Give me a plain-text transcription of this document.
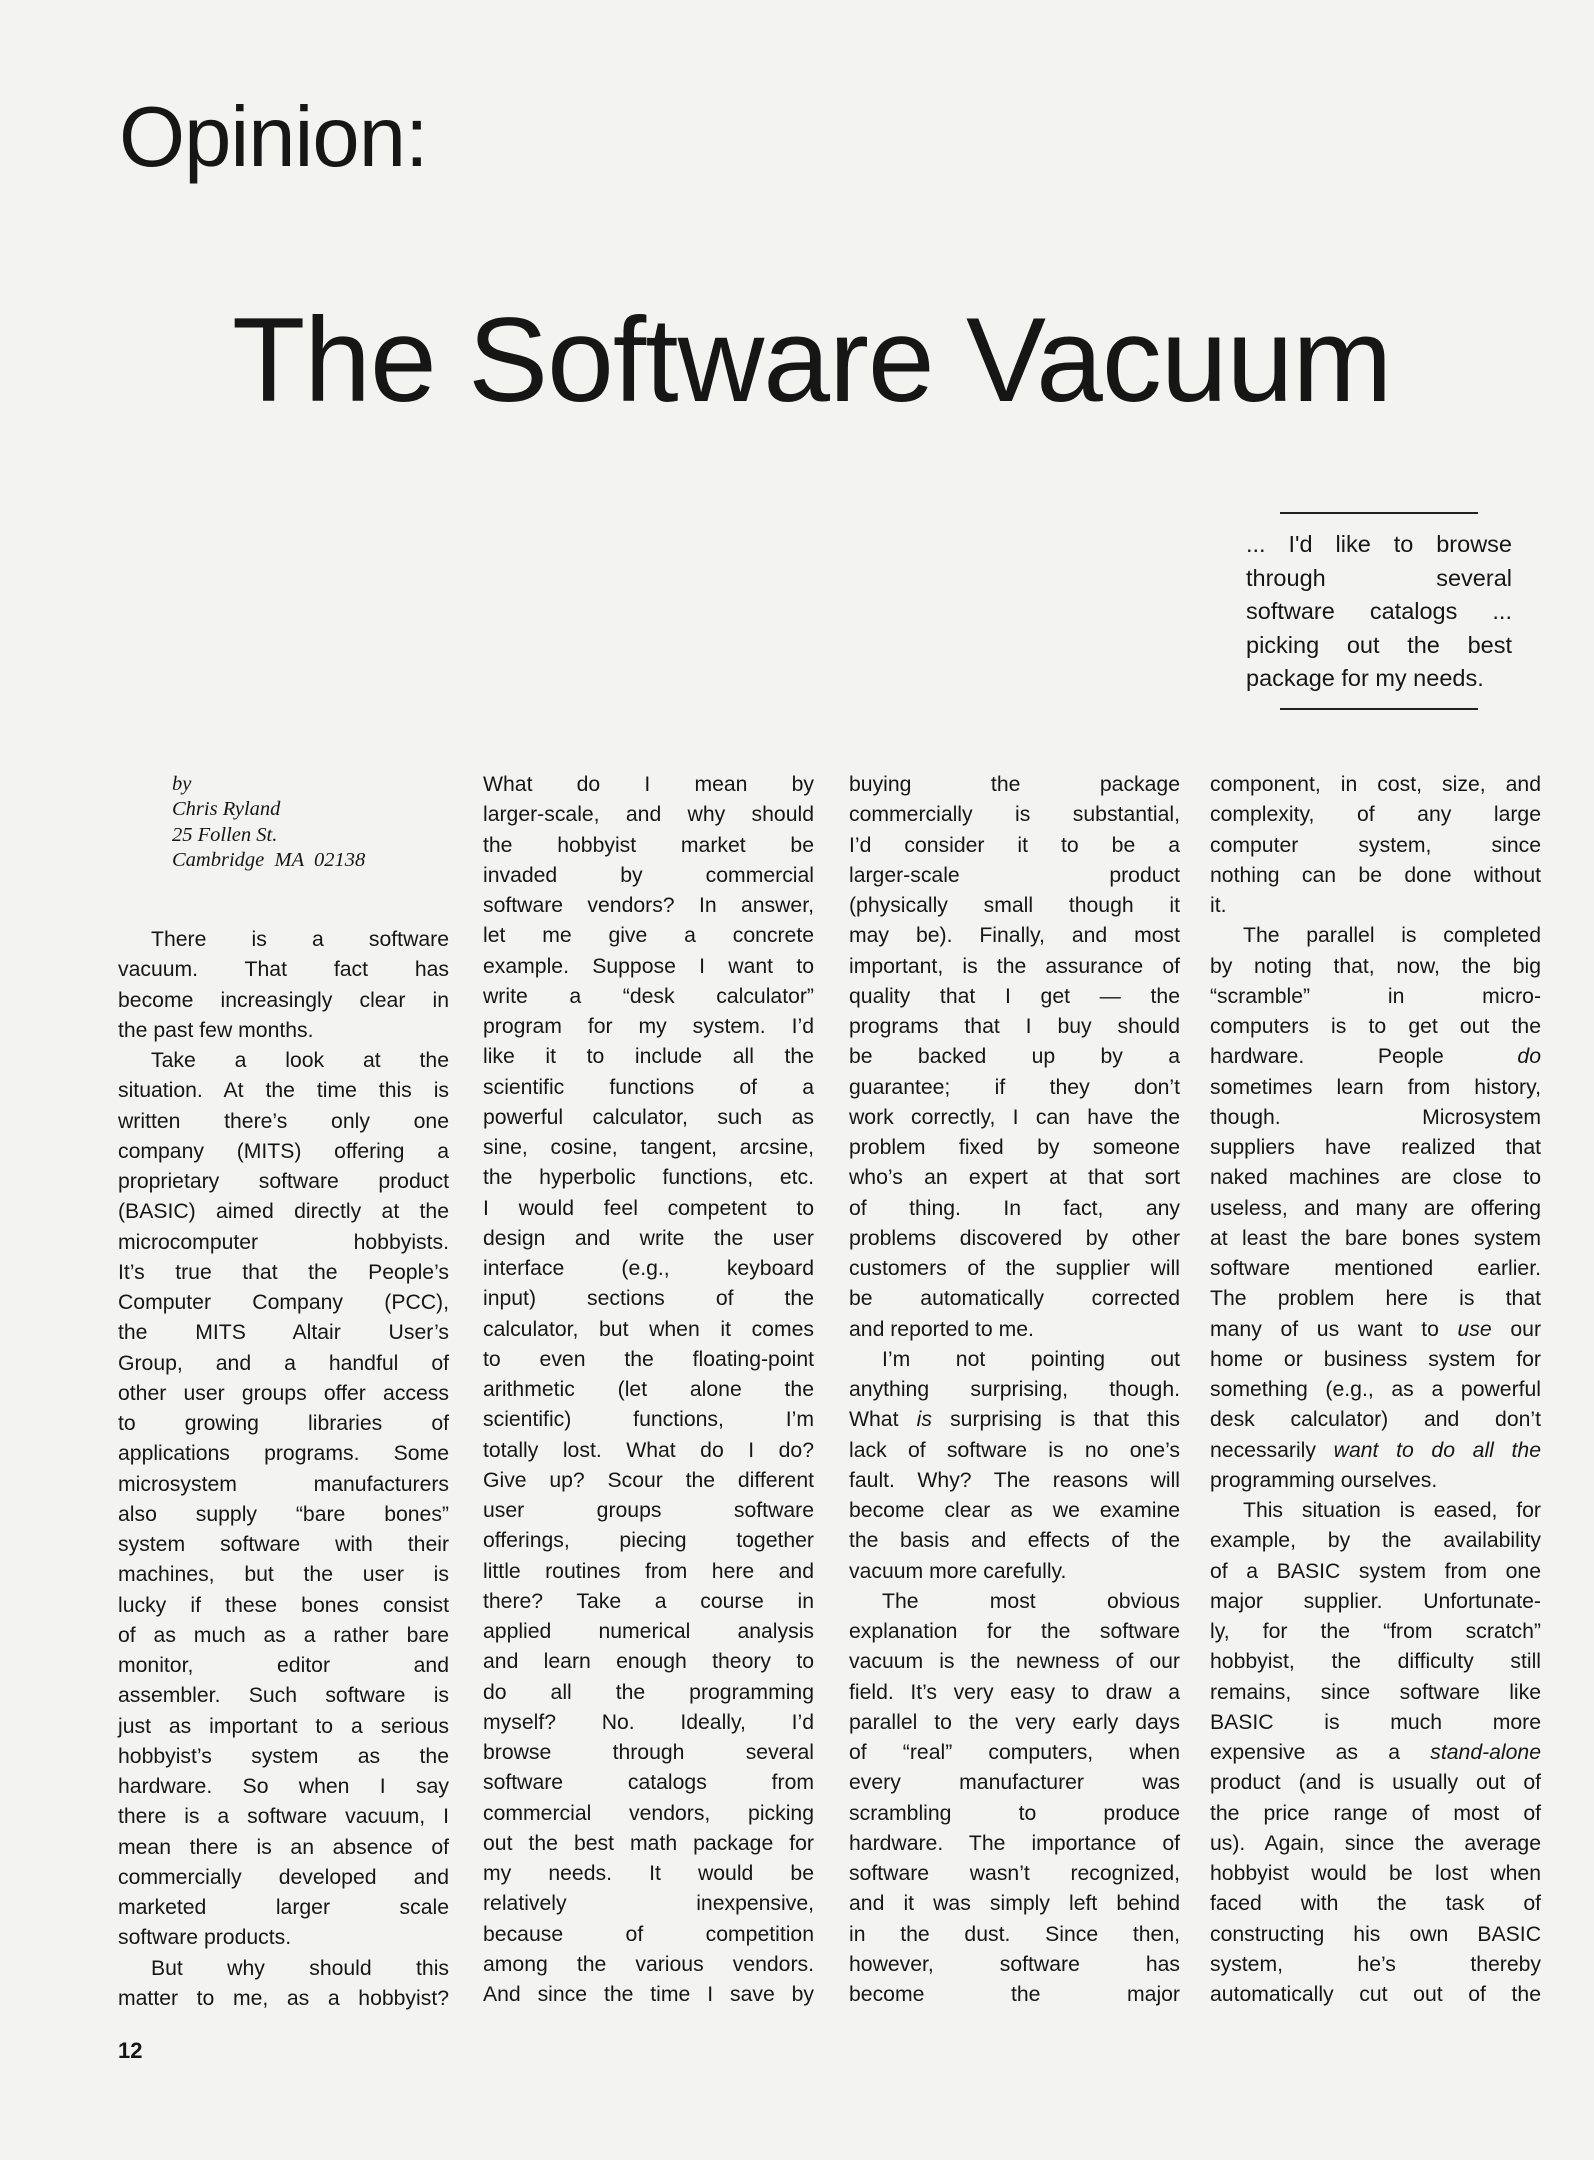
Opinion:
The Software Vacuum
... I'd like to browse
through several
software catalogs ...
picking out the best
package for my needs.
by
Chris Ryland
25 Follen St.
Cambridge  MA  02138
There is a software
vacuum. That fact has
become increasingly clear in
the past few months.
Take a look at the
situation. At the time this is
written there’s only one
company (MITS) offering a
proprietary software product
(BASIC) aimed directly at the
microcomputer hobbyists.
It’s true that the People’s
Computer Company (PCC),
the MITS Altair User’s
Group, and a handful of
other user groups offer access
to growing libraries of
applications programs. Some
microsystem manufacturers
also supply “bare bones”
system software with their
machines, but the user is
lucky if these bones consist
of as much as a rather bare
monitor, editor and
assembler. Such software is
just as important to a serious
hobbyist’s system as the
hardware. So when I say
there is a software vacuum, I
mean there is an absence of
commercially developed and
marketed larger scale
software products.
But why should this
matter to me, as a hobbyist?
What do I mean by
larger-scale, and why should
the hobbyist market be
invaded by commercial
software vendors? In answer,
let me give a concrete
example. Suppose I want to
write a “desk calculator”
program for my system. I’d
like it to include all the
scientific functions of a
powerful calculator, such as
sine, cosine, tangent, arcsine,
the hyperbolic functions, etc.
I would feel competent to
design and write the user
interface (e.g., keyboard
input) sections of the
calculator, but when it comes
to even the floating-point
arithmetic (let alone the
scientific) functions, I’m
totally lost. What do I do?
Give up? Scour the different
user groups software
offerings, piecing together
little routines from here and
there? Take a course in
applied numerical analysis
and learn enough theory to
do all the programming
myself? No. Ideally, I’d
browse through several
software catalogs from
commercial vendors, picking
out the best math package for
my needs. It would be
relatively inexpensive,
because of competition
among the various vendors.
And since the time I save by
buying the package
commercially is substantial,
I’d consider it to be a
larger-scale product
(physically small though it
may be). Finally, and most
important, is the assurance of
quality that I get — the
programs that I buy should
be backed up by a
guarantee; if they don’t
work correctly, I can have the
problem fixed by someone
who’s an expert at that sort
of thing. In fact, any
problems discovered by other
customers of the supplier will
be automatically corrected
and reported to me.
I’m not pointing out
anything surprising, though.
What is surprising is that this
lack of software is no one’s
fault. Why? The reasons will
become clear as we examine
the basis and effects of the
vacuum more carefully.
The most obvious
explanation for the software
vacuum is the newness of our
field. It’s very easy to draw a
parallel to the very early days
of “real” computers, when
every manufacturer was
scrambling to produce
hardware. The importance of
software wasn’t recognized,
and it was simply left behind
in the dust. Since then,
however, software has
become the major
component, in cost, size, and
complexity, of any large
computer system, since
nothing can be done without
it.
The parallel is completed
by noting that, now, the big
“scramble” in micro-
computers is to get out the
hardware. People do
sometimes learn from history,
though. Microsystem
suppliers have realized that
naked machines are close to
useless, and many are offering
at least the bare bones system
software mentioned earlier.
The problem here is that
many of us want to use our
home or business system for
something (e.g., as a powerful
desk calculator) and don’t
necessarily want to do all the
programming ourselves.
This situation is eased, for
example, by the availability
of a BASIC system from one
major supplier. Unfortunate-
ly, for the “from scratch”
hobbyist, the difficulty still
remains, since software like
BASIC is much more
expensive as a stand-alone
product (and is usually out of
the price range of most of
us). Again, since the average
hobbyist would be lost when
faced with the task of
constructing his own BASIC
system, he’s thereby
automatically cut out of the
12
